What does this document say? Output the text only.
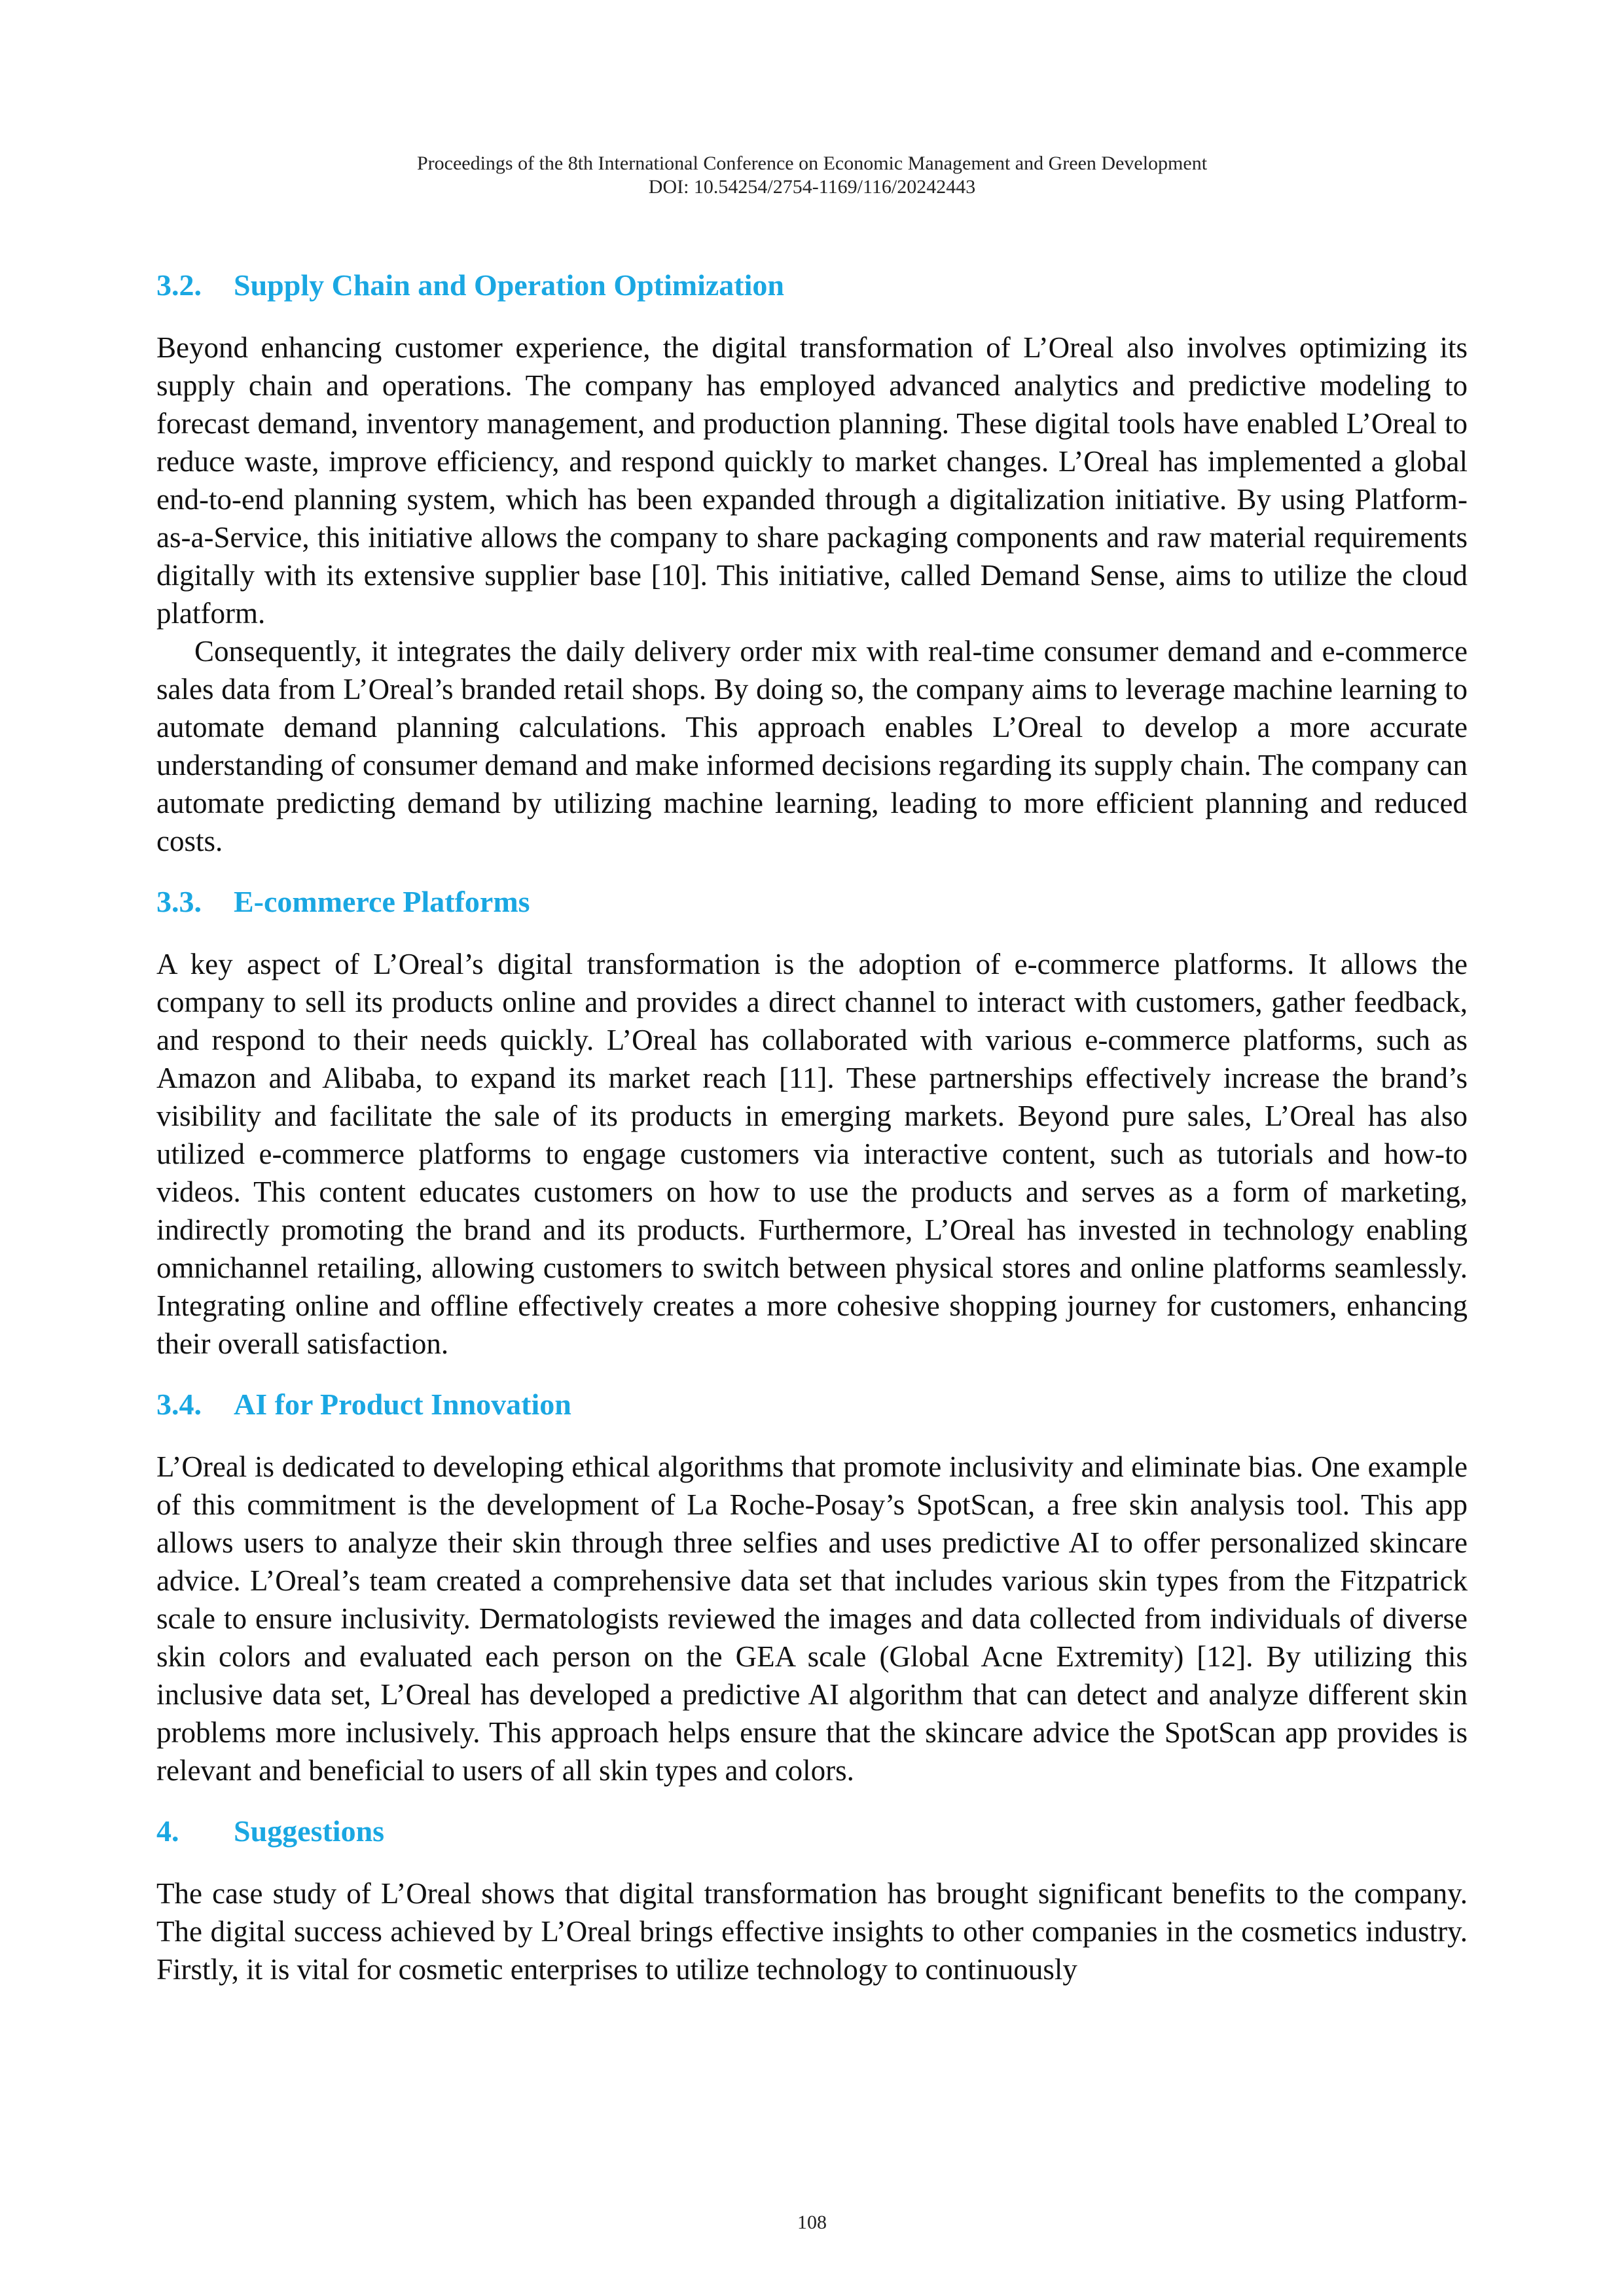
Proceedings of the 8th International Conference on Economic Management and Green Development
DOI: 10.54254/2754-1169/116/20242443
3.2. Supply Chain and Operation Optimization

Beyond enhancing customer experience, the digital transformation of L’Oreal also involves optimizing its supply chain and operations. The company has employed advanced analytics and predictive modeling to forecast demand, inventory management, and production planning. These digital tools have enabled L’Oreal to reduce waste, improve efficiency, and respond quickly to market changes. L’Oreal has implemented a global end-to-end planning system, which has been expanded through a digitalization initiative. By using Platform-as-a-Service, this initiative allows the company to share packaging components and raw material requirements digitally with its extensive supplier base [10]. This initiative, called Demand Sense, aims to utilize the cloud platform.

Consequently, it integrates the daily delivery order mix with real-time consumer demand and e-commerce sales data from L’Oreal’s branded retail shops. By doing so, the company aims to leverage machine learning to automate demand planning calculations. This approach enables L’Oreal to develop a more accurate understanding of consumer demand and make informed decisions regarding its supply chain. The company can automate predicting demand by utilizing machine learning, leading to more efficient planning and reduced costs.

3.3. E-commerce Platforms

A key aspect of L’Oreal’s digital transformation is the adoption of e-commerce platforms. It allows the company to sell its products online and provides a direct channel to interact with customers, gather feedback, and respond to their needs quickly. L’Oreal has collaborated with various e-commerce platforms, such as Amazon and Alibaba, to expand its market reach [11]. These partnerships effectively increase the brand’s visibility and facilitate the sale of its products in emerging markets. Beyond pure sales, L’Oreal has also utilized e-commerce platforms to engage customers via interactive content, such as tutorials and how-to videos. This content educates customers on how to use the products and serves as a form of marketing, indirectly promoting the brand and its products. Furthermore, L’Oreal has invested in technology enabling omnichannel retailing, allowing customers to switch between physical stores and online platforms seamlessly. Integrating online and offline effectively creates a more cohesive shopping journey for customers, enhancing their overall satisfaction.

3.4. AI for Product Innovation

L’Oreal is dedicated to developing ethical algorithms that promote inclusivity and eliminate bias. One example of this commitment is the development of La Roche-Posay’s SpotScan, a free skin analysis tool. This app allows users to analyze their skin through three selfies and uses predictive AI to offer personalized skincare advice. L’Oreal’s team created a comprehensive data set that includes various skin types from the Fitzpatrick scale to ensure inclusivity. Dermatologists reviewed the images and data collected from individuals of diverse skin colors and evaluated each person on the GEA scale (Global Acne Extremity) [12]. By utilizing this inclusive data set, L’Oreal has developed a predictive AI algorithm that can detect and analyze different skin problems more inclusively. This approach helps ensure that the skincare advice the SpotScan app provides is relevant and beneficial to users of all skin types and colors.

4. Suggestions

The case study of L’Oreal shows that digital transformation has brought significant benefits to the company. The digital success achieved by L’Oreal brings effective insights to other companies in the cosmetics industry. Firstly, it is vital for cosmetic enterprises to utilize technology to continuously

108
